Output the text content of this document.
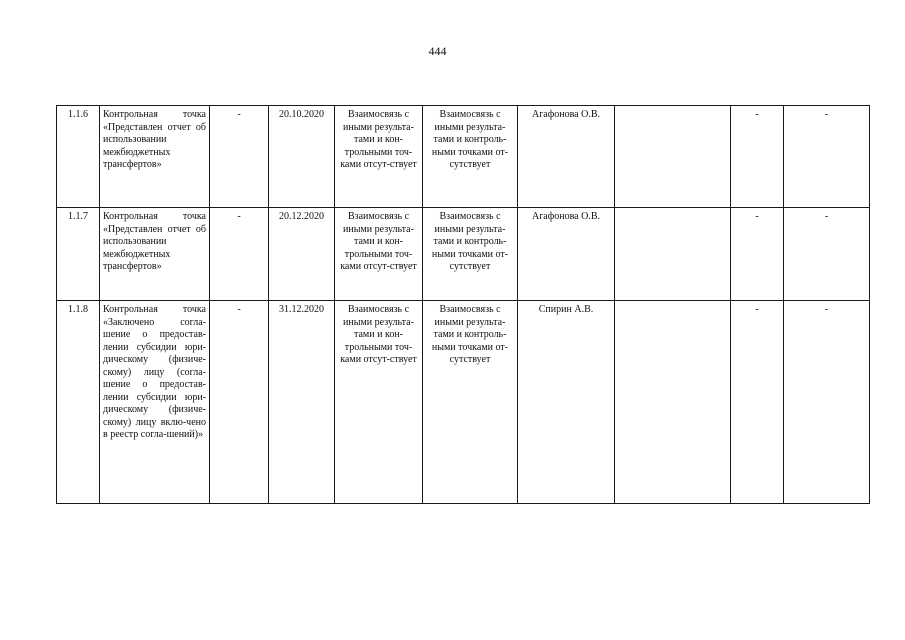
444
1.1.6	Контрольная точка «Представлен отчет об использовании межбюджетных трансфертов»	-	20.10.2020	Взаимосвязь с иными результа-тами и кон-трольными точ-ками отсут-ствует	Взаимосвязь с иными результа-тами и контроль-ными точками от-сутствует	Агафонова О.В.		-	-
1.1.7	Контрольная точка «Представлен отчет об использовании межбюджетных трансфертов»	-	20.12.2020	Взаимосвязь с иными результа-тами и кон-трольными точ-ками отсут-ствует	Взаимосвязь с иными результа-тами и контроль-ными точками от-сутствует	Агафонова О.В.		-	-
1.1.8	Контрольная точка «Заключено согла-шение о предостав-лении субсидии юри-дическому (физиче-скому) лицу (согла-шение о предостав-лении субсидии юри-дическому (физиче-скому) лицу вклю-чено в реестр согла-шений)»	-	31.12.2020	Взаимосвязь с иными результа-тами и кон-трольными точ-ками отсут-ствует	Взаимосвязь с иными результа-тами и контроль-ными точками от-сутствует	Спирин А.В.		-	-
